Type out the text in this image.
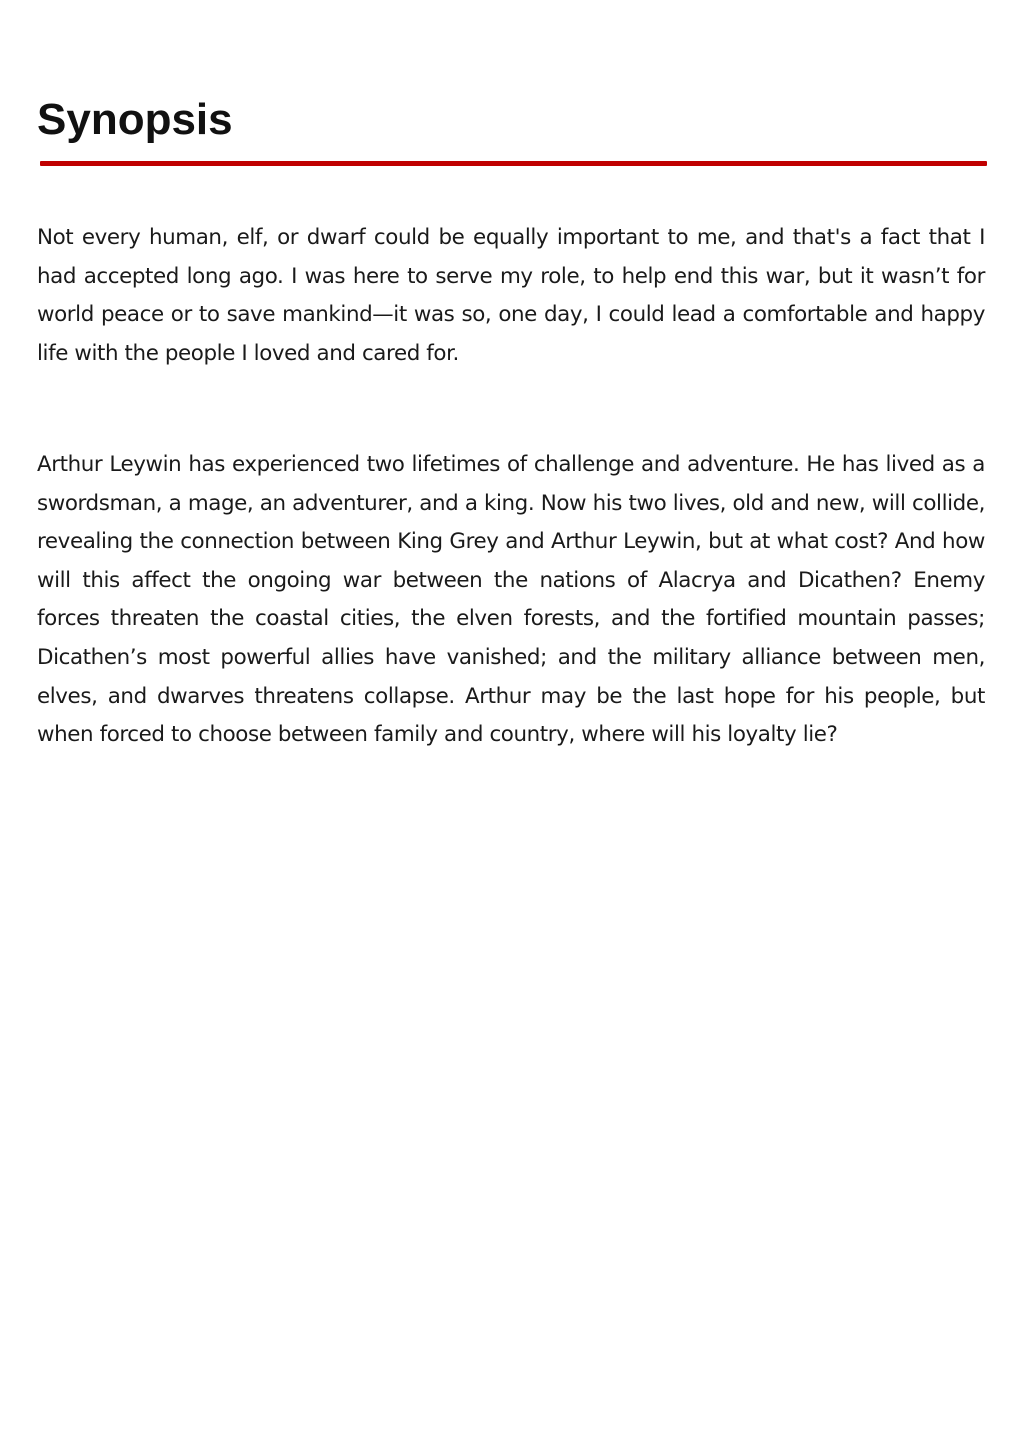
Synopsis

Not every human, elf, or dwarf could be equally important to me, and that's a fact that I had accepted long ago. I was here to serve my role, to help end this war, but it wasn’t for world peace or to save mankind—it was so, one day, I could lead a comfortable and happy life with the people I loved and cared for.

Arthur Leywin has experienced two lifetimes of challenge and adventure. He has lived as a swordsman, a mage, an adventurer, and a king. Now his two lives, old and new, will collide, revealing the connection between King Grey and Arthur Leywin, but at what cost? And how will this affect the ongoing war between the nations of Alacrya and Dicathen? Enemy forces threaten the coastal cities, the elven forests, and the fortified mountain passes; Dicathen’s most powerful allies have vanished; and the military alliance between men, elves, and dwarves threatens collapse. Arthur may be the last hope for his people, but when forced to choose between family and country, where will his loyalty lie?
